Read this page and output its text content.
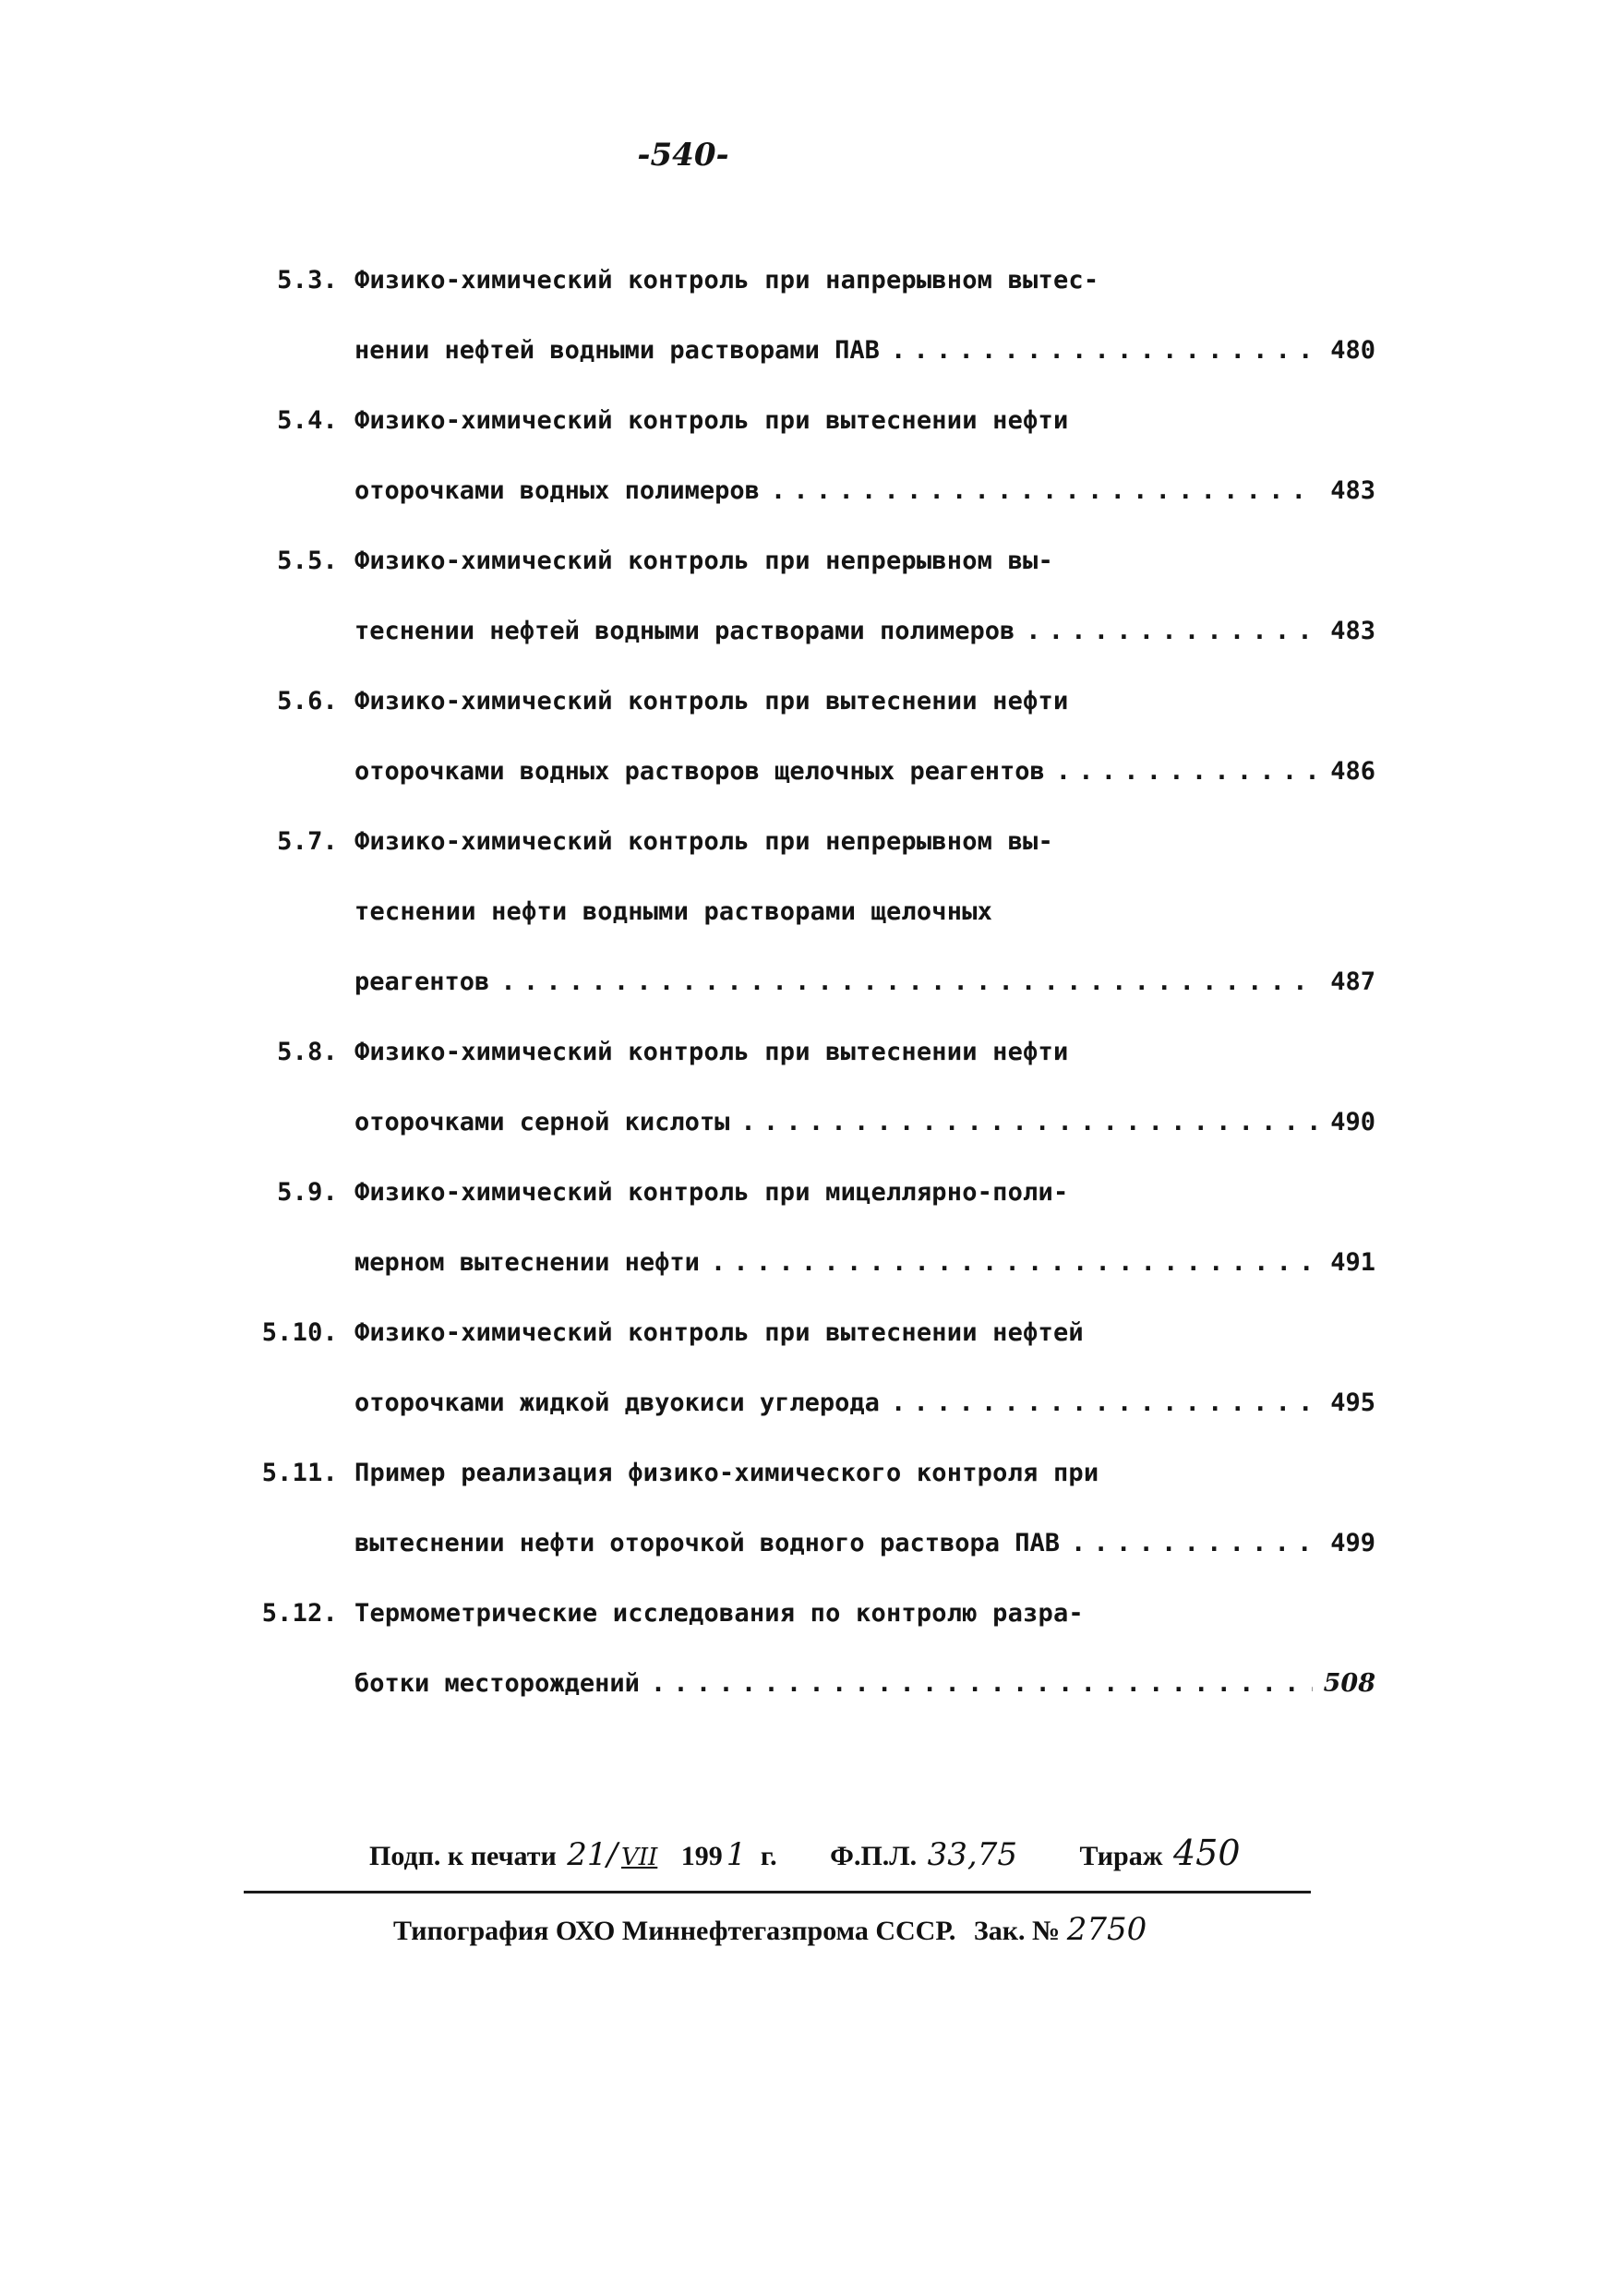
-540-
5.3. Физико-химический контроль при напрерывном вытес-
нении нефтей водными растворами ПАВ . . .	480
5.4. Физико-химический контроль при вытеснении нефти
оторочками водных полимеров . . .	483
5.5. Физико-химический контроль при непрерывном вы-
теснении нефтей водными растворами полимеров . . .	483
5.6. Физико-химический контроль при вытеснении нефти
оторочками водных растворов щелочных реагентов . . .	486
5.7. Физико-химический контроль при непрерывном вы-
теснении нефти водными растворами щелочных
реагентов . . .	487
5.8. Физико-химический контроль при вытеснении нефти
оторочками серной кислоты . . .	490
5.9. Физико-химический контроль при мицеллярно-поли-
мерном вытеснении нефти . . .	491
5.10. Физико-химический контроль при вытеснении нефтей
оторочками жидкой двуокиси углерода . . .	495
5.11. Пример реализация физико-химического контроля при
вытеснении нефти оторочкой водного раствора ПАВ . . .	499
5.12. Термометрические исследования по контролю разра-
ботки месторождений . . .	508
Подп. к печати 21/ VII 199 1 г. Ф.П.Л. 33,75 Тираж 450
Типография ОХО Миннефтегазпрома СССР. Зак. № 2750
